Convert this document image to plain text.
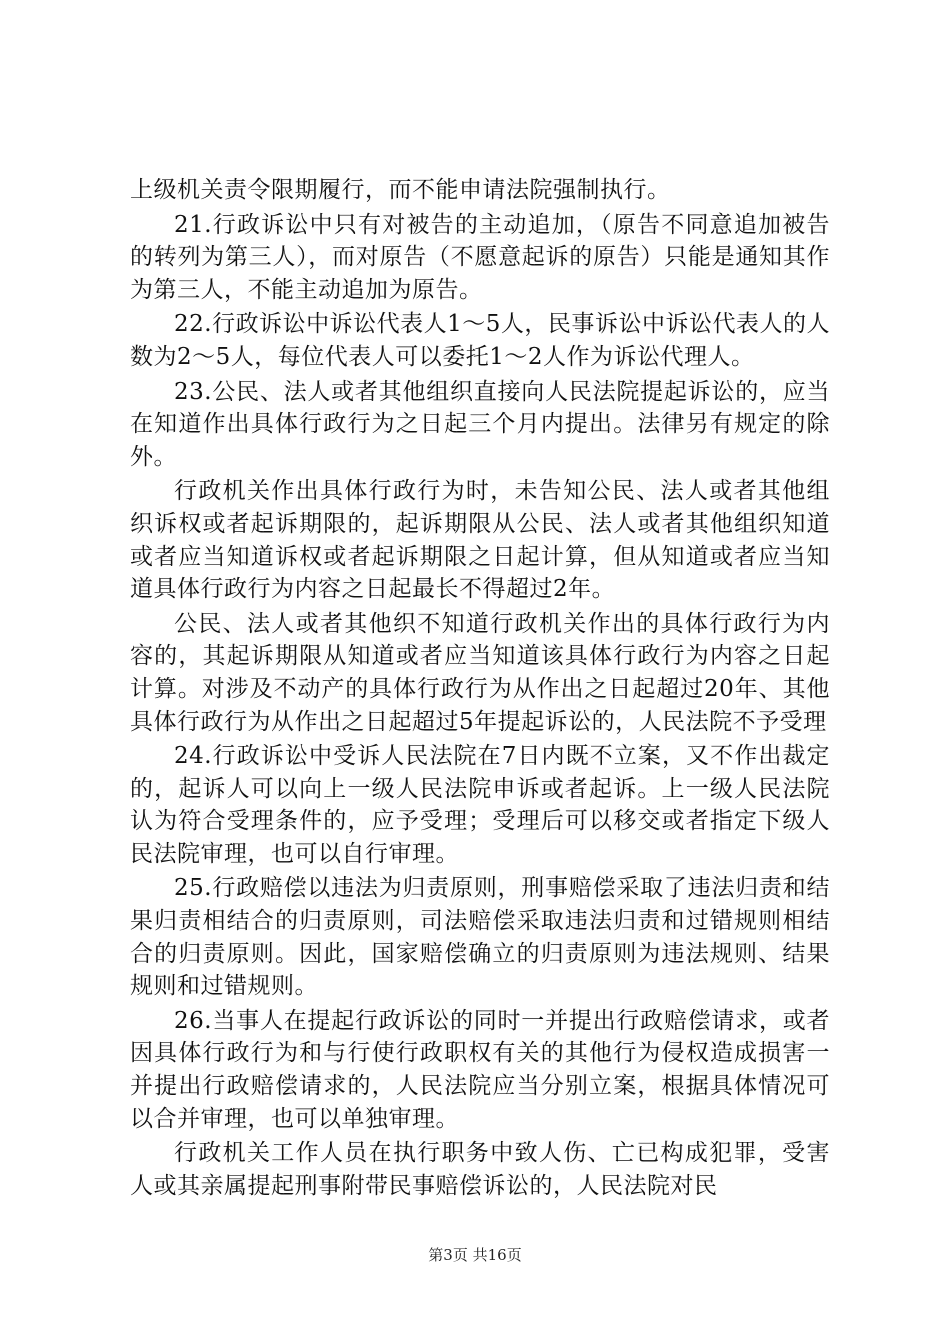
上级机关责令限期履行，而不能申请法院强制执行。

21.行政诉讼中只有对被告的主动追加，（原告不同意追加被告的转列为第三人），而对原告（不愿意起诉的原告）只能是通知其作为第三人，不能主动追加为原告。

22.行政诉讼中诉讼代表人1～5人，民事诉讼中诉讼代表人的人数为2～5人，每位代表人可以委托1～2人作为诉讼代理人。

23.公民、法人或者其他组织直接向人民法院提起诉讼的，应当在知道作出具体行政行为之日起三个月内提出。法律另有规定的除外。

行政机关作出具体行政行为时，未告知公民、法人或者其他组织诉权或者起诉期限的，起诉期限从公民、法人或者其他组织知道或者应当知道诉权或者起诉期限之日起计算，但从知道或者应当知道具体行政行为内容之日起最长不得超过2年。

公民、法人或者其他织不知道行政机关作出的具体行政行为内容的，其起诉期限从知道或者应当知道该具体行政行为内容之日起计算。对涉及不动产的具体行政行为从作出之日起超过20年、其他具体行政行为从作出之日起超过5年提起诉讼的，人民法院不予受理

24.行政诉讼中受诉人民法院在7日内既不立案，又不作出裁定的，起诉人可以向上一级人民法院申诉或者起诉。上一级人民法院认为符合受理条件的，应予受理；受理后可以移交或者指定下级人民法院审理，也可以自行审理。

25.行政赔偿以违法为归责原则，刑事赔偿采取了违法归责和结果归责相结合的归责原则，司法赔偿采取违法归责和过错规则相结合的归责原则。因此，国家赔偿确立的归责原则为违法规则、结果规则和过错规则。

26.当事人在提起行政诉讼的同时一并提出行政赔偿请求，或者因具体行政行为和与行使行政职权有关的其他行为侵权造成损害一并提出行政赔偿请求的，人民法院应当分别立案，根据具体情况可以合并审理，也可以单独审理。

行政机关工作人员在执行职务中致人伤、亡已构成犯罪，受害人或其亲属提起刑事附带民事赔偿诉讼的，人民法院对民

第3页 共16页
